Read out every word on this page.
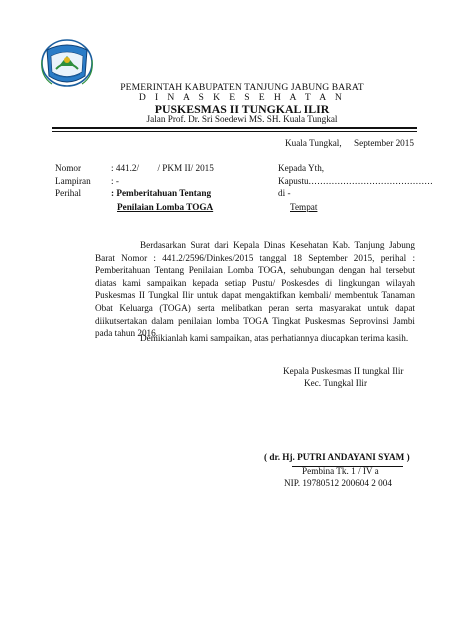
PEMERINTAH KABUPATEN TANJUNG JABUNG BARAT
D I N A S K E S E H A T A N
PUSKESMAS II TUNGKAL ILIR
Jalan Prof. Dr. Sri Soedewi MS. SH. Kuala Tungkal
Kuala Tungkal, September 2015
Nomor	: 441.2/        / PKM II/ 2015
Lampiran : -
Perihal	: Pemberitahuan Tentang
Penilaian Lomba TOGA
Kepada Yth,
Kapustu...........................................
di -
Tempat

Berdasarkan Surat dari Kepala Dinas Kesehatan Kab. Tanjung Jabung Barat Nomor : 441.2/2596/Dinkes/2015 tanggal 18 September 2015, perihal : Pemberitahuan Tentang Penilaian Lomba TOGA, sehubungan dengan hal tersebut diatas kami sampaikan kepada setiap Pustu/ Poskesdes di lingkungan wilayah Puskesmas II Tungkal Ilir untuk dapat mengaktifkan kembali/ membentuk Tanaman Obat Keluarga (TOGA) serta melibatkan peran serta masyarakat untuk dapat diikutsertakan dalam penilaian lomba TOGA Tingkat Puskesmas Seprovinsi Jambi pada tahun 2016.

Demikianlah kami sampaikan, atas perhatiannya diucapkan terima kasih.
Kepala Puskesmas II tungkal Ilir
Kec. Tungkal Ilir
( dr. Hj. PUTRI ANDAYANI SYAM )
Pembina Tk. 1 / IV a
NIP. 19780512 200604 2 004
